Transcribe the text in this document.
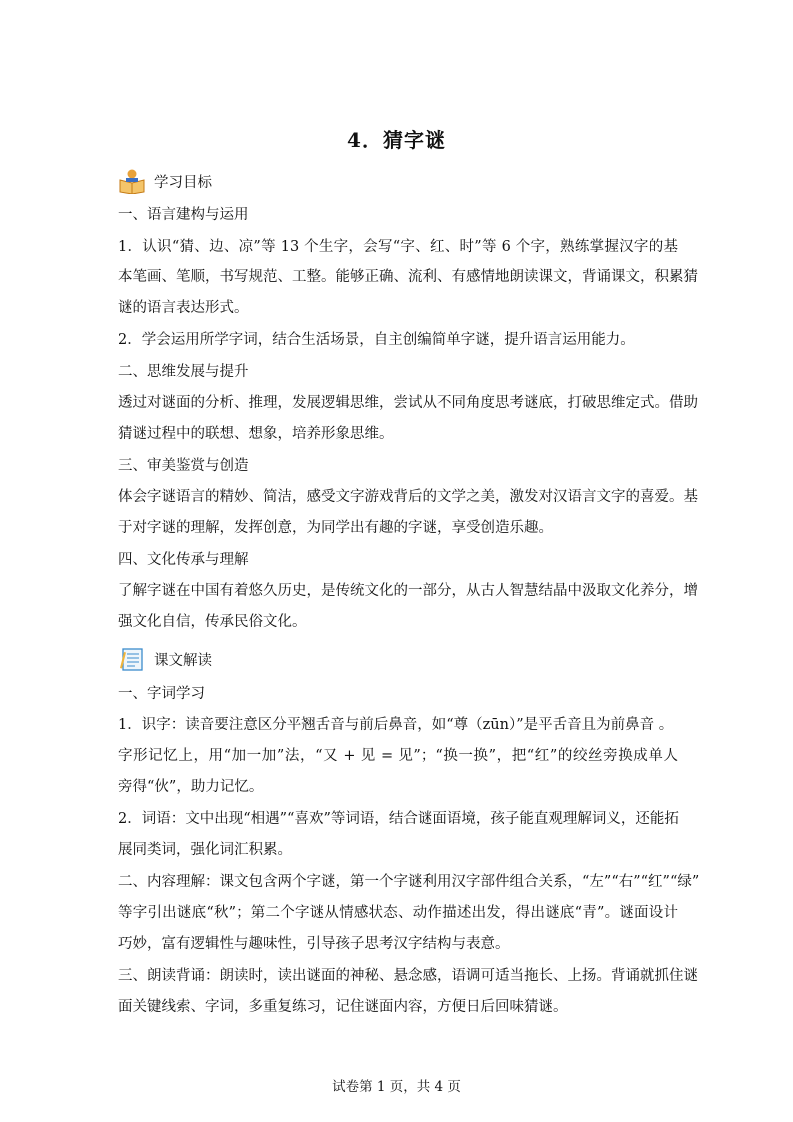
4．猜字谜
学习目标
一、语言建构与运用
1．认识“猜、边、凉”等 13 个生字，会写“字、红、时”等 6 个字，熟练掌握汉字的基
本笔画、笔顺，书写规范、工整。能够正确、流利、有感情地朗读课文，背诵课文，积累猜
谜的语言表达形式。
2．学会运用所学字词，结合生活场景，自主创编简单字谜，提升语言运用能力。
二、思维发展与提升
透过对谜面的分析、推理，发展逻辑思维，尝试从不同角度思考谜底，打破思维定式。借助
猜谜过程中的联想、想象，培养形象思维。
三、审美鉴赏与创造
体会字谜语言的精妙、简洁，感受文字游戏背后的文学之美，激发对汉语言文字的喜爱。基
于对字谜的理解，发挥创意，为同学出有趣的字谜，享受创造乐趣。
四、文化传承与理解
了解字谜在中国有着悠久历史，是传统文化的一部分，从古人智慧结晶中汲取文化养分，增
强文化自信，传承民俗文化。
课文解读
一、字词学习
1．识字：读音要注意区分平翘舌音与前后鼻音，如“尊（zūn）”是平舌音且为前鼻音 。
字形记忆上，用“加一加”法，“又 + 见 = 见”；“换一换”，把“红”的绞丝旁换成单人
旁得“伙”，助力记忆。
2．词语：文中出现“相遇”“喜欢”等词语，结合谜面语境，孩子能直观理解词义，还能拓
展同类词，强化词汇积累。
二、内容理解：课文包含两个字谜，第一个字谜利用汉字部件组合关系，“左”“右”“红”“绿”
等字引出谜底“秋”；第二个字谜从情感状态、动作描述出发，得出谜底“青”。谜面设计
巧妙，富有逻辑性与趣味性，引导孩子思考汉字结构与表意。
三、朗读背诵：朗读时，读出谜面的神秘、悬念感，语调可适当拖长、上扬。背诵就抓住谜
面关键线索、字词，多重复练习，记住谜面内容，方便日后回味猜谜。
试卷第 1 页，共 4 页
